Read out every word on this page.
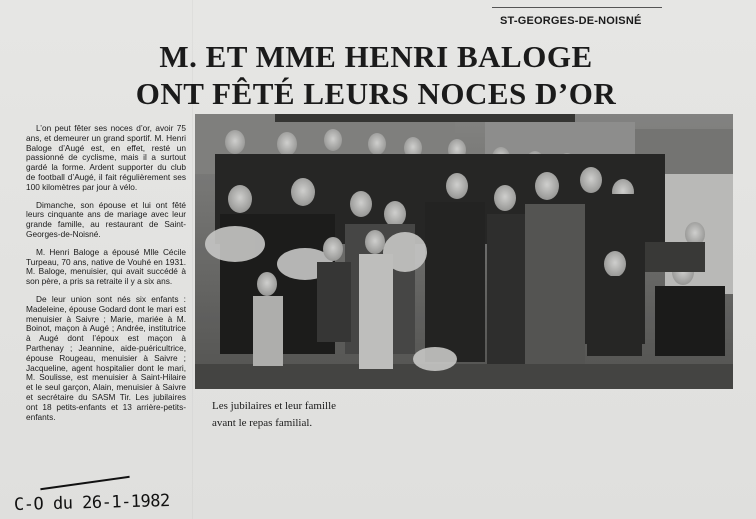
ST-GEORGES-DE-NOISNÉ
M. ET MME HENRI BALOGE
ONT FÊTÉ LEURS NOCES D’OR

L’on peut fêter ses noces d’or, avoir 75 ans, et demeurer un grand sportif. M. Henri Baloge d’Augé est, en effet, resté un passionné de cyclisme, mais il a surtout gardé la forme. Ardent supporter du club de football d’Augé, il fait régulièrement ses 100 kilomètres par jour à vélo.

Dimanche, son épouse et lui ont fêté leurs cinquante ans de mariage avec leur grande famille, au restaurant de Saint-Georges-de-Noisné.

M. Henri Baloge a épousé Mlle Cécile Turpeau, 70 ans, native de Vouhé en 1931. M. Baloge, menuisier, qui avait succédé à son père, a pris sa retraite il y a six ans.

De leur union sont nés six enfants : Madeleine, épouse Godard dont le mari est menuisier à Saivre ; Marie, mariée à M. Boinot, maçon à Augé ; Andrée, institutrice à Augé dont l’époux est maçon à Parthenay ; Jeannine, aide-puéricultrice, épouse Rougeau, menuisier à Saivre ; Jacqueline, agent hospitalier dont le mari, M. Soulisse, est menuisier à Saint-Hilaire et le seul garçon, Alain, menuisier à Saivre et secrétaire du SASM Tir. Les jubilaires ont 18 petits-enfants et 13 arrière-petits-enfants.

Les jubilaires et leur famille
avant le repas familial.
C-O du 26-1-1982
